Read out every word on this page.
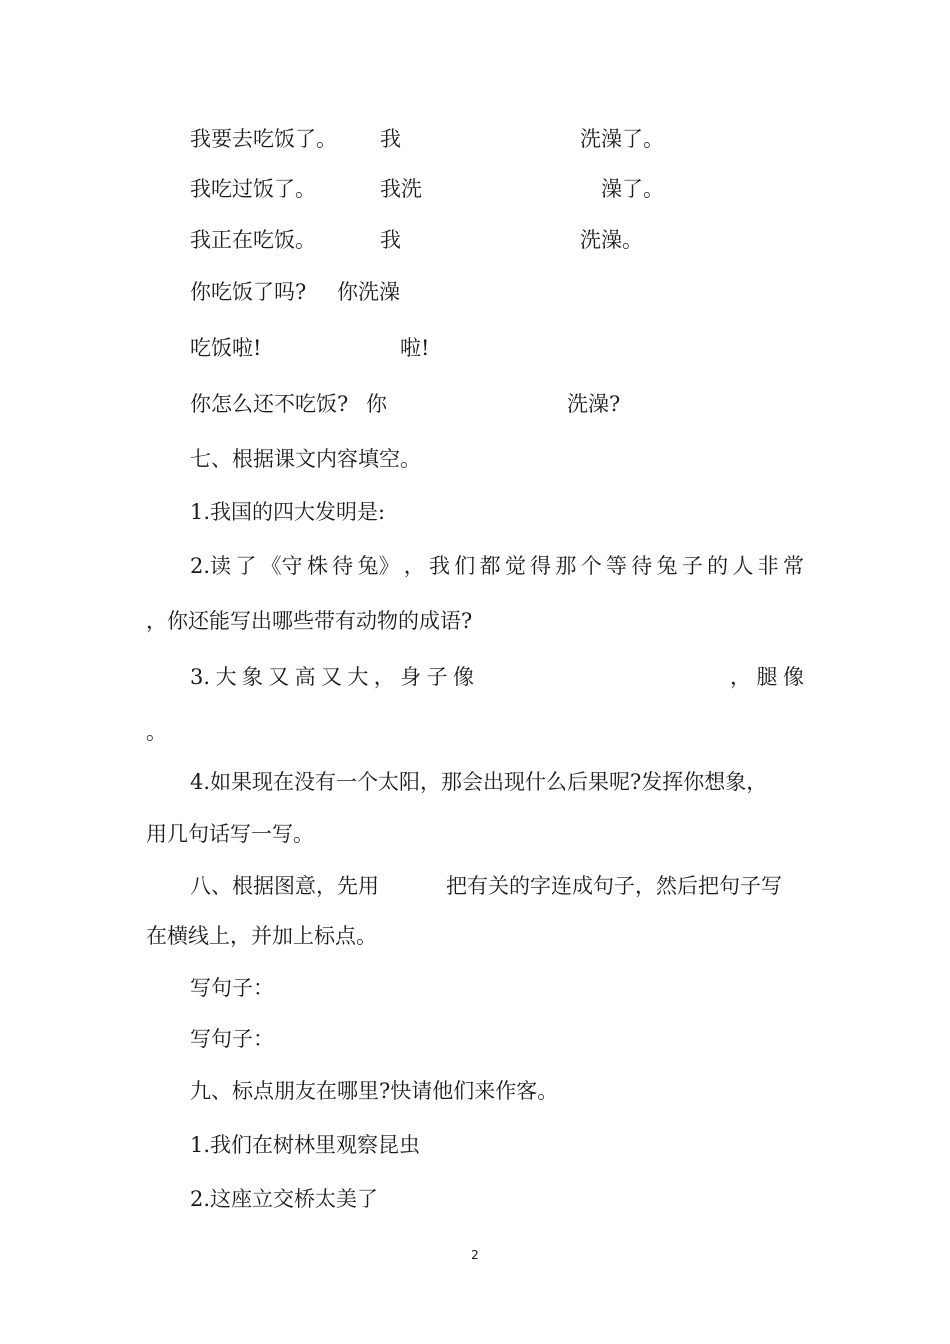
我要去吃饭了。 我	洗澡了。
我吃过饭了。	我洗	澡了。
我正在吃饭。	我	洗澡。
你吃饭了吗? 你洗澡
吃饭啦!	啦!
你怎么还不吃饭? 你	洗澡?
七、根据课文内容填空。
1.我国的四大发明是:
2.读 了 《守 株 待 兔》 ， 我 们 都 觉 得 那 个 等 待 兔 子 的 人 非 常
，你还能写出哪些带有动物的成语?
3. 大 象 又 高 又 大 ， 身 子 像	， 腿 像
。
4.如果现在没有一个太阳，那会出现什么后果呢?发挥你想象，
用几句话写一写。
八、根据图意，先用	把有关的字连成句子，然后把句子写
在横线上，并加上标点。
写句子：
写句子：
九、标点朋友在哪里?快请他们来作客。
1.我们在树林里观察昆虫
2.这座立交桥太美了
2
